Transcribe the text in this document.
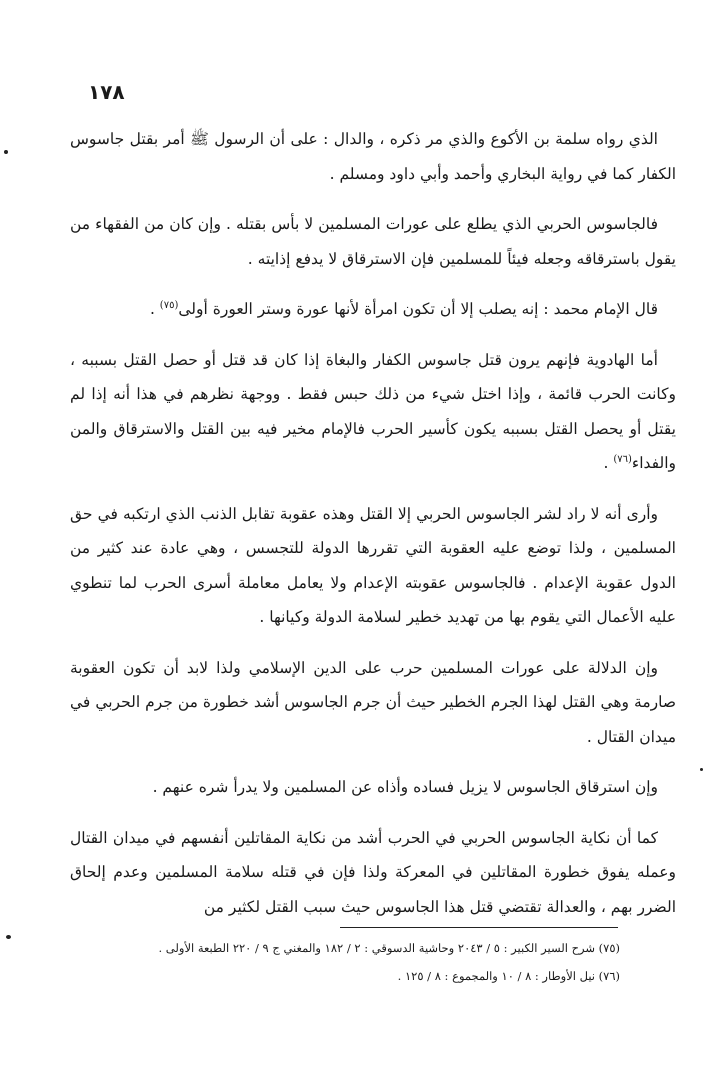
١٧٨

الذي رواه سلمة بن الأكوع والذي مر ذكره ، والدال : على أن الرسول ﷺ أمر بقتل جاسوس الكفار كما في رواية البخاري وأحمد وأبي داود ومسلم .

فالجاسوس الحربي الذي يطلع على عورات المسلمين لا بأس بقتله . وإن كان من الفقهاء من يقول باسترقاقه وجعله فيئاً للمسلمين فإن الاسترقاق لا يدفع إذايته .

قال الإمام محمد : إنه يصلب إلا أن تكون امرأة لأنها عورة وستر العورة أولى$^{(٧٥)}$ .

أما الهادوية فإنهم يرون قتل جاسوس الكفار والبغاة إذا كان قد قتل أو حصل القتل بسببه ، وكانت الحرب قائمة ، وإذا اختل شيء من ذلك حبس فقط . ووجهة نظرهم في هذا أنه إذا لم يقتل أو يحصل القتل بسببه يكون كأسير الحرب فالإمام مخير فيه بين القتل والاسترقاق والمن والفداء$^{(٧٦)}$ .

وأرى أنه لا راد لشر الجاسوس الحربي إلا القتل وهذه عقوبة تقابل الذنب الذي ارتكبه في حق المسلمين ، ولذا توضع عليه العقوبة التي تقررها الدولة للتجسس ، وهي عادة عند كثير من الدول عقوبة الإعدام . فالجاسوس عقوبته الإعدام ولا يعامل معاملة أسرى الحرب لما تنطوي عليه الأعمال التي يقوم بها من تهديد خطير لسلامة الدولة وكيانها .

وإن الدلالة على عورات المسلمين حرب على الدين الإسلامي ولذا لابد أن تكون العقوبة صارمة وهي القتل لهذا الجرم الخطير حيث أن جرم الجاسوس أشد خطورة من جرم الحربي في ميدان القتال .

وإن استرقاق الجاسوس لا يزيل فساده وأذاه عن المسلمين ولا يدرأ شره عنهم .

كما أن نكاية الجاسوس الحربي في الحرب أشد من نكاية المقاتلين أنفسهم في ميدان القتال وعمله يفوق خطورة المقاتلين في المعركة ولذا فإن في قتله سلامة المسلمين وعدم إلحاق الضرر بهم ، والعدالة تقتضي قتل هذا الجاسوس حيث سبب القتل لكثير من

(٧٥) شرح السير الكبير : ٥ / ٢٠٤٣ وحاشية الدسوقي : ٢ / ١٨٢ والمغني ج ٩ / ٢٢٠ الطبعة الأولى .
(٧٦) نيل الأوطار : ٨ / ١٠ والمجموع : ٨ / ١٢٥ .
